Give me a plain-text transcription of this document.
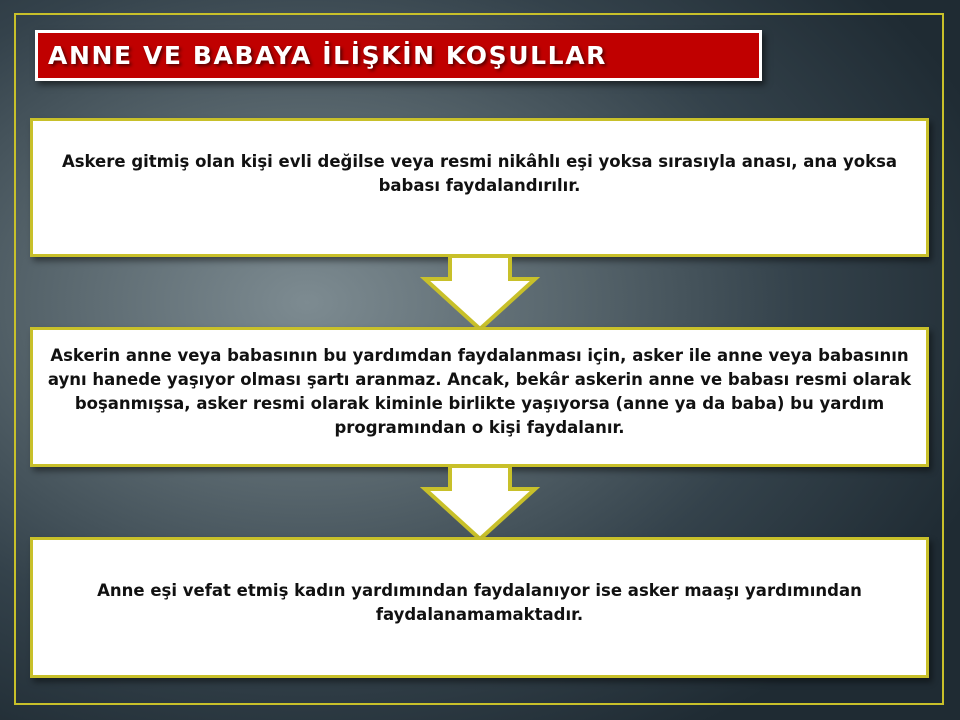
ANNE VE BABAYA İLİŞKİN KOŞULLAR
Askere gitmiş olan kişi evli değilse veya resmi nikâhlı eşi yoksa sırasıyla anası, ana yoksa babası faydalandırılır.
Askerin anne veya babasının bu yardımdan faydalanması için, asker ile anne veya babasının aynı hanede yaşıyor olması şartı aranmaz. Ancak, bekâr askerin anne ve babası resmi olarak boşanmışsa, asker resmi olarak kiminle birlikte yaşıyorsa (anne ya da baba) bu yardım programından o kişi faydalanır.
Anne eşi vefat etmiş kadın yardımından faydalanıyor ise asker maaşı yardımından faydalanamamaktadır.
